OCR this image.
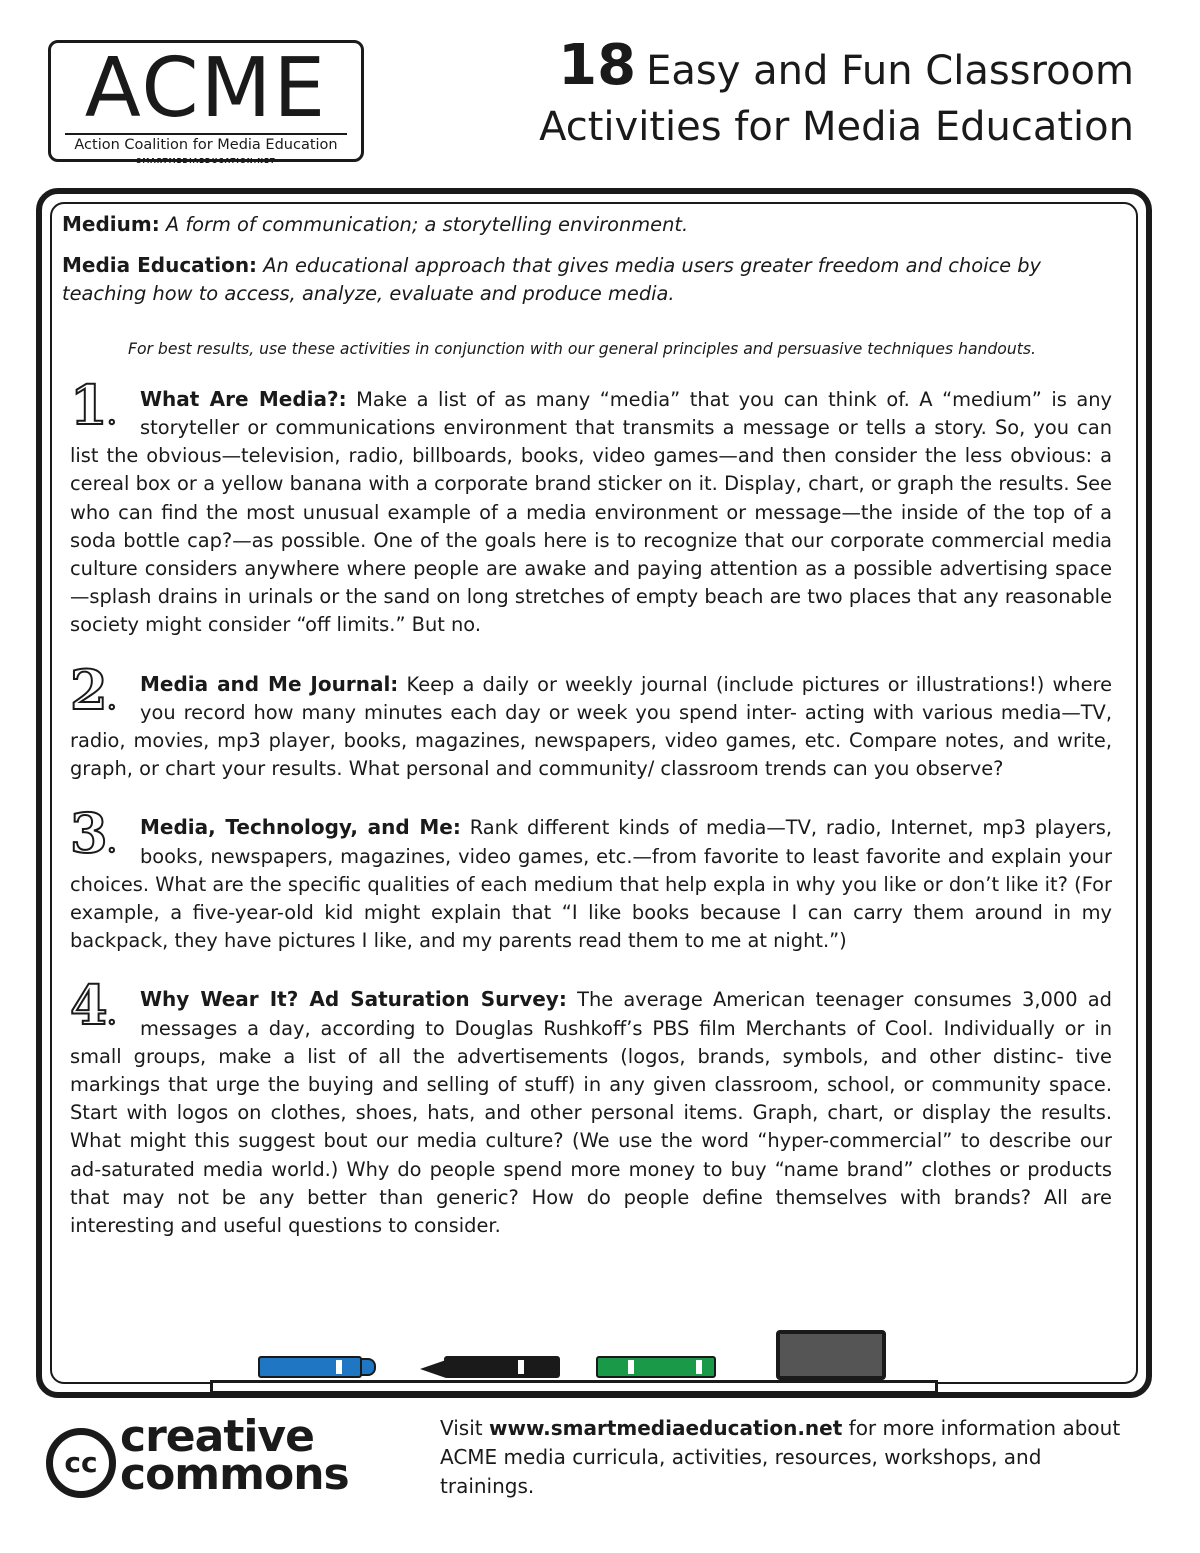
ACME
Action Coalition for Media Education
SMARTMEDIAEDUCATION.NET
18 Easy and Fun Classroom
Activities for Media Education

Medium: A form of communication; a storytelling environment.

Media Education: An educational approach that gives media users greater freedom and choice by teaching how to access, analyze, evaluate and produce media.

For best results, use these activities in conjunction with our general principles and persuasive techniques handouts.
1.
What Are Media?: Make a list of as many “media” that you can think of. A “medium” is any storyteller or communications environment that transmits a message or tells a story. So, you can list the obvious—television, radio, billboards, books, video games—and then consider the less obvious: a cereal box or a yellow banana with a corporate brand sticker on it. Display, chart, or graph the results. See who can find the most unusual example of a media environment or message—the inside of the top of a soda bottle cap?—as possible. One of the goals here is to recognize that our corporate commercial media culture considers anywhere where people are awake and paying attention as a possible advertising space—splash drains in urinals or the sand on long stretches of empty beach are two places that any reasonable society might consider “off limits.” But no.
2.
Media and Me Journal: Keep a daily or weekly journal (include pictures or illustrations!) where you record how many minutes each day or week you spend inter- acting with various media—TV, radio, movies, mp3 player, books, magazines, newspapers, video games, etc. Compare notes, and write, graph, or chart your results. What personal and community/ classroom trends can you observe?
3.
Media, Technology, and Me: Rank different kinds of media—TV, radio, Internet, mp3 players, books, newspapers, magazines, video games, etc.—from favorite to least favorite and explain your choices. What are the specific qualities of each medium that help expla in why you like or don’t like it? (For example, a five-year-old kid might explain that “I like books because I can carry them around in my backpack, they have pictures I like, and my parents read them to me at night.”)
4.
Why Wear It? Ad Saturation Survey: The average American teenager consumes 3,000 ad messages a day, according to Douglas Rushkoff’s PBS film Merchants of Cool. Individually or in small groups, make a list of all the advertisements (logos, brands, symbols, and other distinc- tive markings that urge the buying and selling of stuff) in any given classroom, school, or community space. Start with logos on clothes, shoes, hats, and other personal items. Graph, chart, or display the results. What might this suggest bout our media culture? (We use the word “hyper-commercial” to describe our ad-saturated media world.) Why do people spend more money to buy “name brand” clothes or products that may not be any better than generic? How do people define themselves with brands? All are interesting and useful questions to consider.
cc
creative
commons
Visit www.smartmediaeducation.net for more information about ACME media curricula, activities, resources, workshops, and trainings.
